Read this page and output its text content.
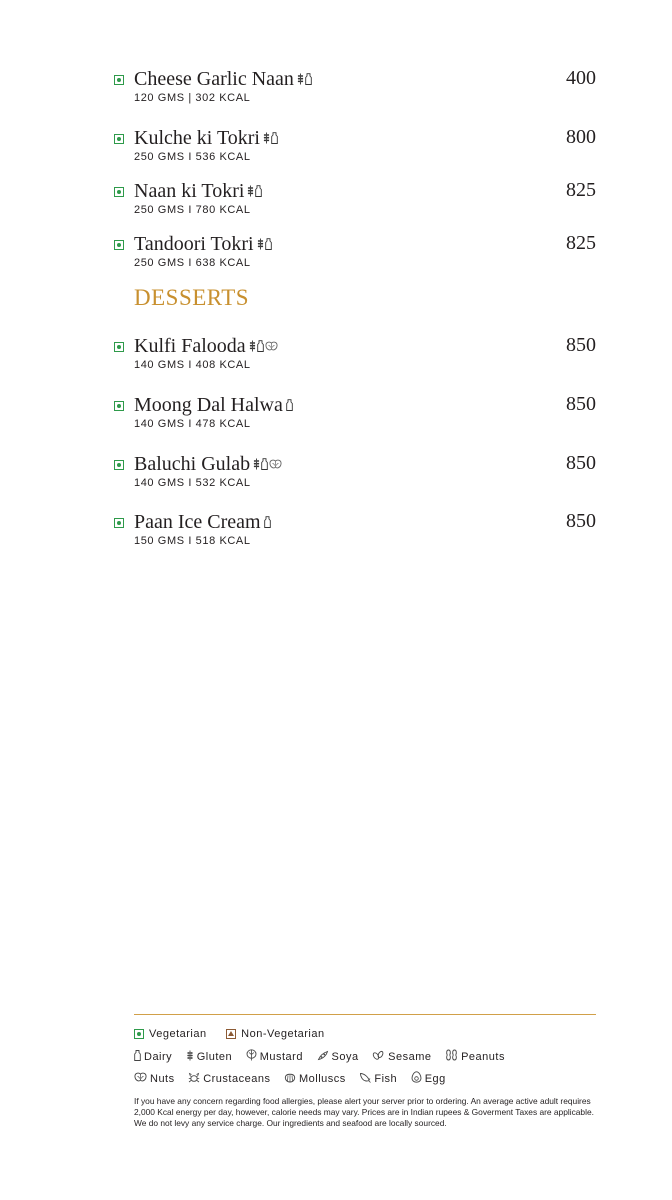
Cheese Garlic Naan	400
120 GMS | 302 KCAL
Kulche ki Tokri	800
250 GMS I 536 KCAL
Naan ki Tokri	825
250 GMS I 780 KCAL
Tandoori Tokri	825
250 GMS I 638 KCAL
DESSERTS
Kulfi Falooda	850
140 GMS I 408 KCAL
Moong Dal Halwa	850
140 GMS I 478 KCAL
Baluchi Gulab	850
140 GMS I 532 KCAL
Paan Ice Cream	850
150 GMS I 518 KCAL
Vegetarian
	Non-Vegetarian
Dairy
Gluten
	Mustard
	Soya
	Sesame
	Peanuts
Nuts
	Crustaceans
	Molluscs
	Fish
	Egg
If you have any concern regarding food allergies, please alert your server prior to ordering. An average active adult requires 2,000 Kcal energy per day, however, calorie needs may vary. Prices are in Indian rupees & Goverment Taxes are applicable. We do not levy any service charge. Our ingredients and seafood are locally sourced.
